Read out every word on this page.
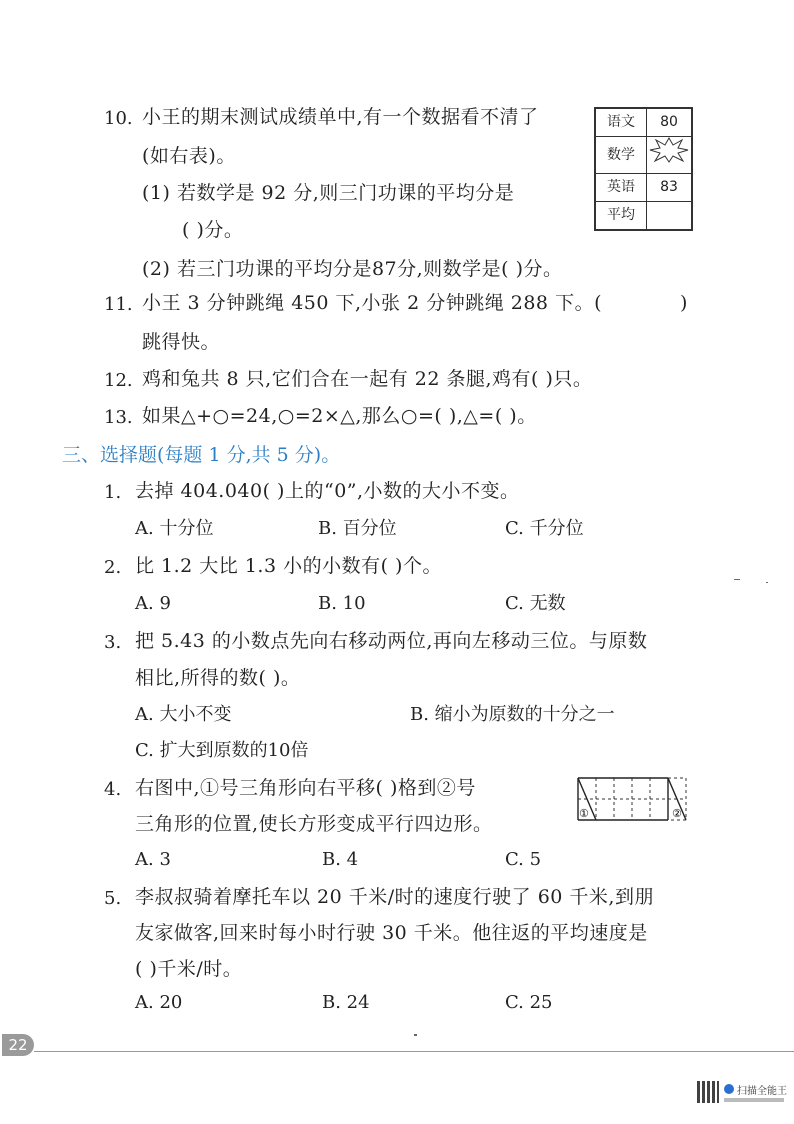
10. 小王的期末测试成绩单中,有一个数据看不清了
(如右表)。
(1) 若数学是 92 分,则三门功课的平均分是
( )分。
(2) 若三门功课的平均分是87分,则数学是( )分。
语文	80
数学	
英语	83
平均	
11. 小王 3 分钟跳绳 450 下,小张 2 分钟跳绳 288 下。(	)
跳得快。
12. 鸡和兔共 8 只,它们合在一起有 22 条腿,鸡有( )只。
13. 如果△+○=24,○=2×△,那么○=( ),△=( )。
三、选择题(每题 1 分,共 5 分)。
1. 去掉 404.040( )上的“0”,小数的大小不变。
A. 十分位	B. 百分位	C. 千分位
2. 比 1.2 大比 1.3 小的小数有( )个。
A. 9	B. 10	C. 无数
3. 把 5.43 的小数点先向右移动两位,再向左移动三位。与原数
相比,所得的数( )。
A. 大小不变	B. 缩小为原数的十分之一
C. 扩大到原数的10倍
4. 右图中,①号三角形向右平移( )格到②号
三角形的位置,使长方形变成平行四边形。
A. 3	B. 4	C. 5
①	②
5. 李叔叔骑着摩托车以 20 千米/时的速度行驶了 60 千米,到朋
友家做客,回来时每小时行驶 30 千米。他往返的平均速度是
( )千米/时。
A. 20	B. 24	C. 25
22
扫描全能王
